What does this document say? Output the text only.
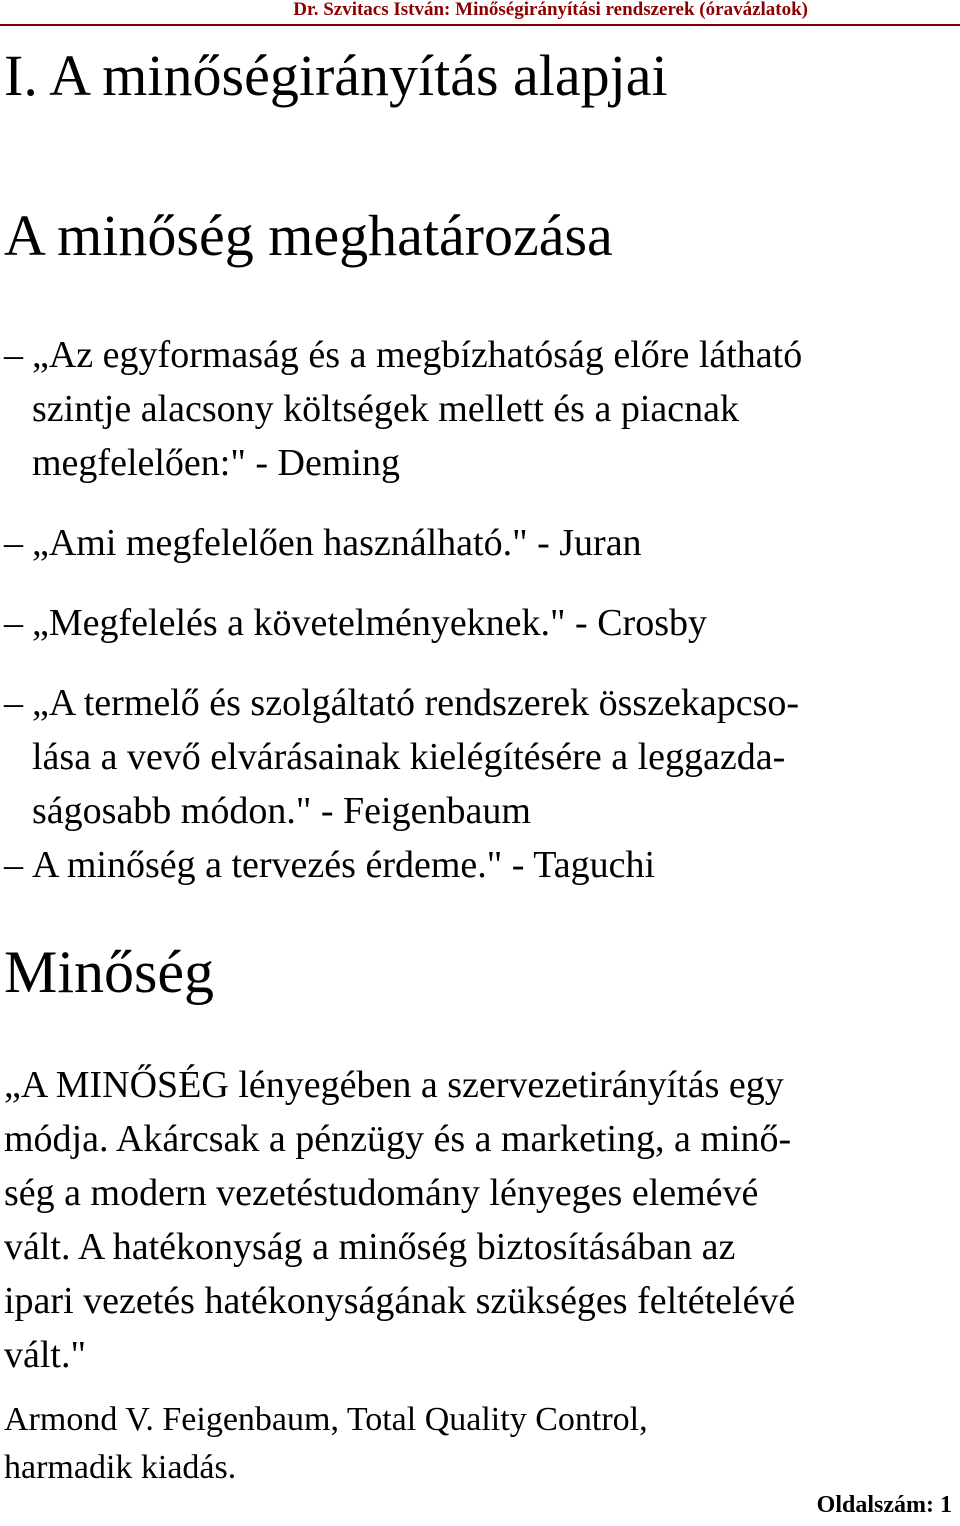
Dr. Szvitacs István: Minőségirányítási rendszerek (óravázlatok)
I. A minőségirányítás alapjai
A minőség meghatározása
– „Az egyformaság és a megbízhatóság előre látható
szintje alacsony költségek mellett és a piacnak
megfelelően:" - Deming
– „Ami megfelelően használható." - Juran
– „Megfelelés a követelményeknek." - Crosby
– „A termelő és szolgáltató rendszerek összekapcso-
lása a vevő elvárásainak kielégítésére a leggazda-
ságosabb módon." - Feigenbaum
– A minőség a tervezés érdeme." - Taguchi
Minőség
„A MINŐSÉG lényegében a szervezetirányítás egy
módja. Akárcsak a pénzügy és a marketing, a minő-
ség a modern vezetéstudomány lényeges elemévé
vált. A hatékonyság a minőség biztosításában az
ipari vezetés hatékonyságának szükséges feltételévé
vált."
Armond V. Feigenbaum, Total Quality Control,
harmadik kiadás.
Oldalszám: 1
